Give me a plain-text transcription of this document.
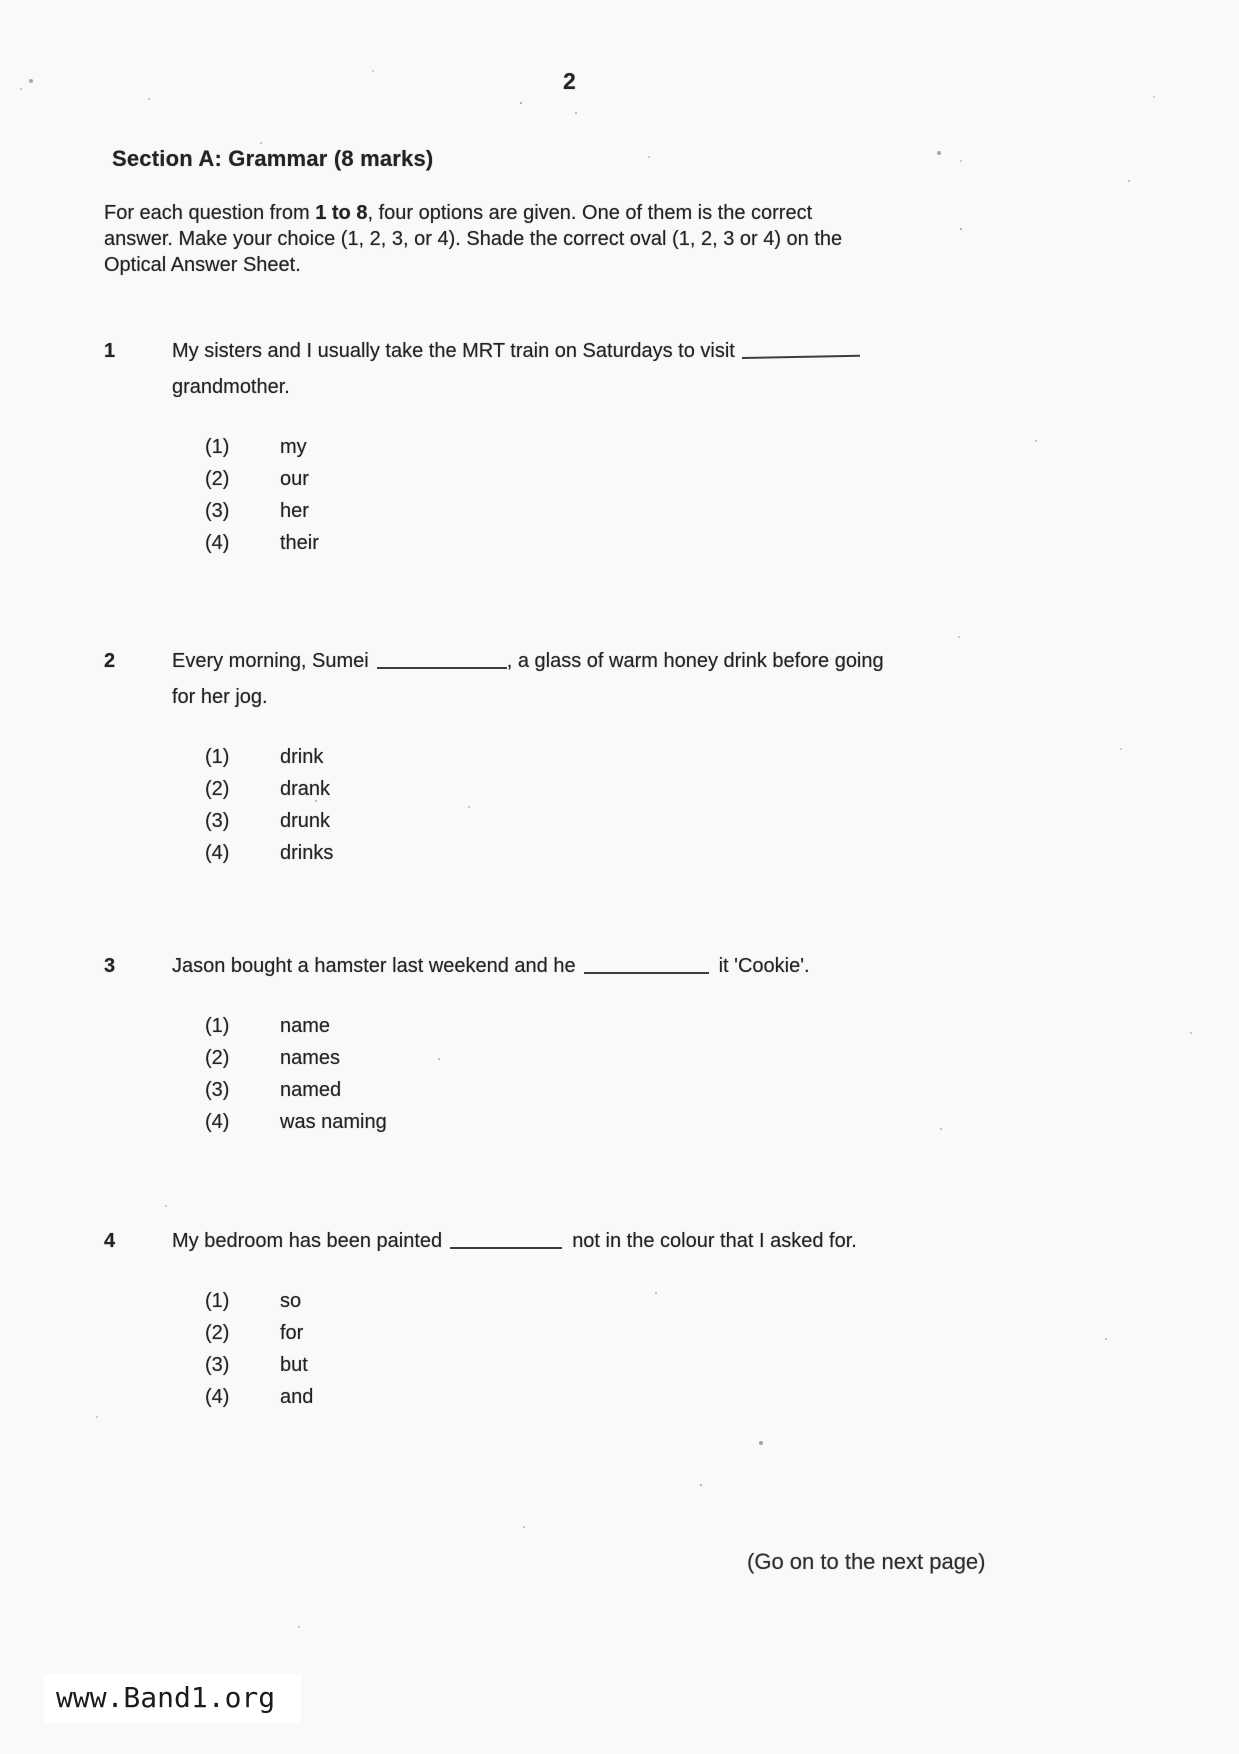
2
Section A: Grammar (8 marks)
For each question from 1 to 8, four options are given. One of them is the correct
answer. Make your choice (1, 2, 3, or 4). Shade the correct oval (1, 2, 3 or 4) on the
Optical Answer Sheet.
1	My sisters and I usually take the MRT train on Saturdays to visit
grandmother.
(1)	my
(2)	our
(3)	her
(4)	their
2	Every morning, Sumei	, a glass of warm honey drink before going
for her jog.
(1)	drink
(2)	drank
(3)	drunk
(4)	drinks
3	Jason bought a hamster last weekend and he	it 'Cookie'.
(1)	name
(2)	names
(3)	named
(4)	was naming
4	My bedroom has been painted	not in the colour that I asked for.
(1)	so
(2)	for
(3)	but
(4)	and
(Go on to the next page)
www.Band1.org
